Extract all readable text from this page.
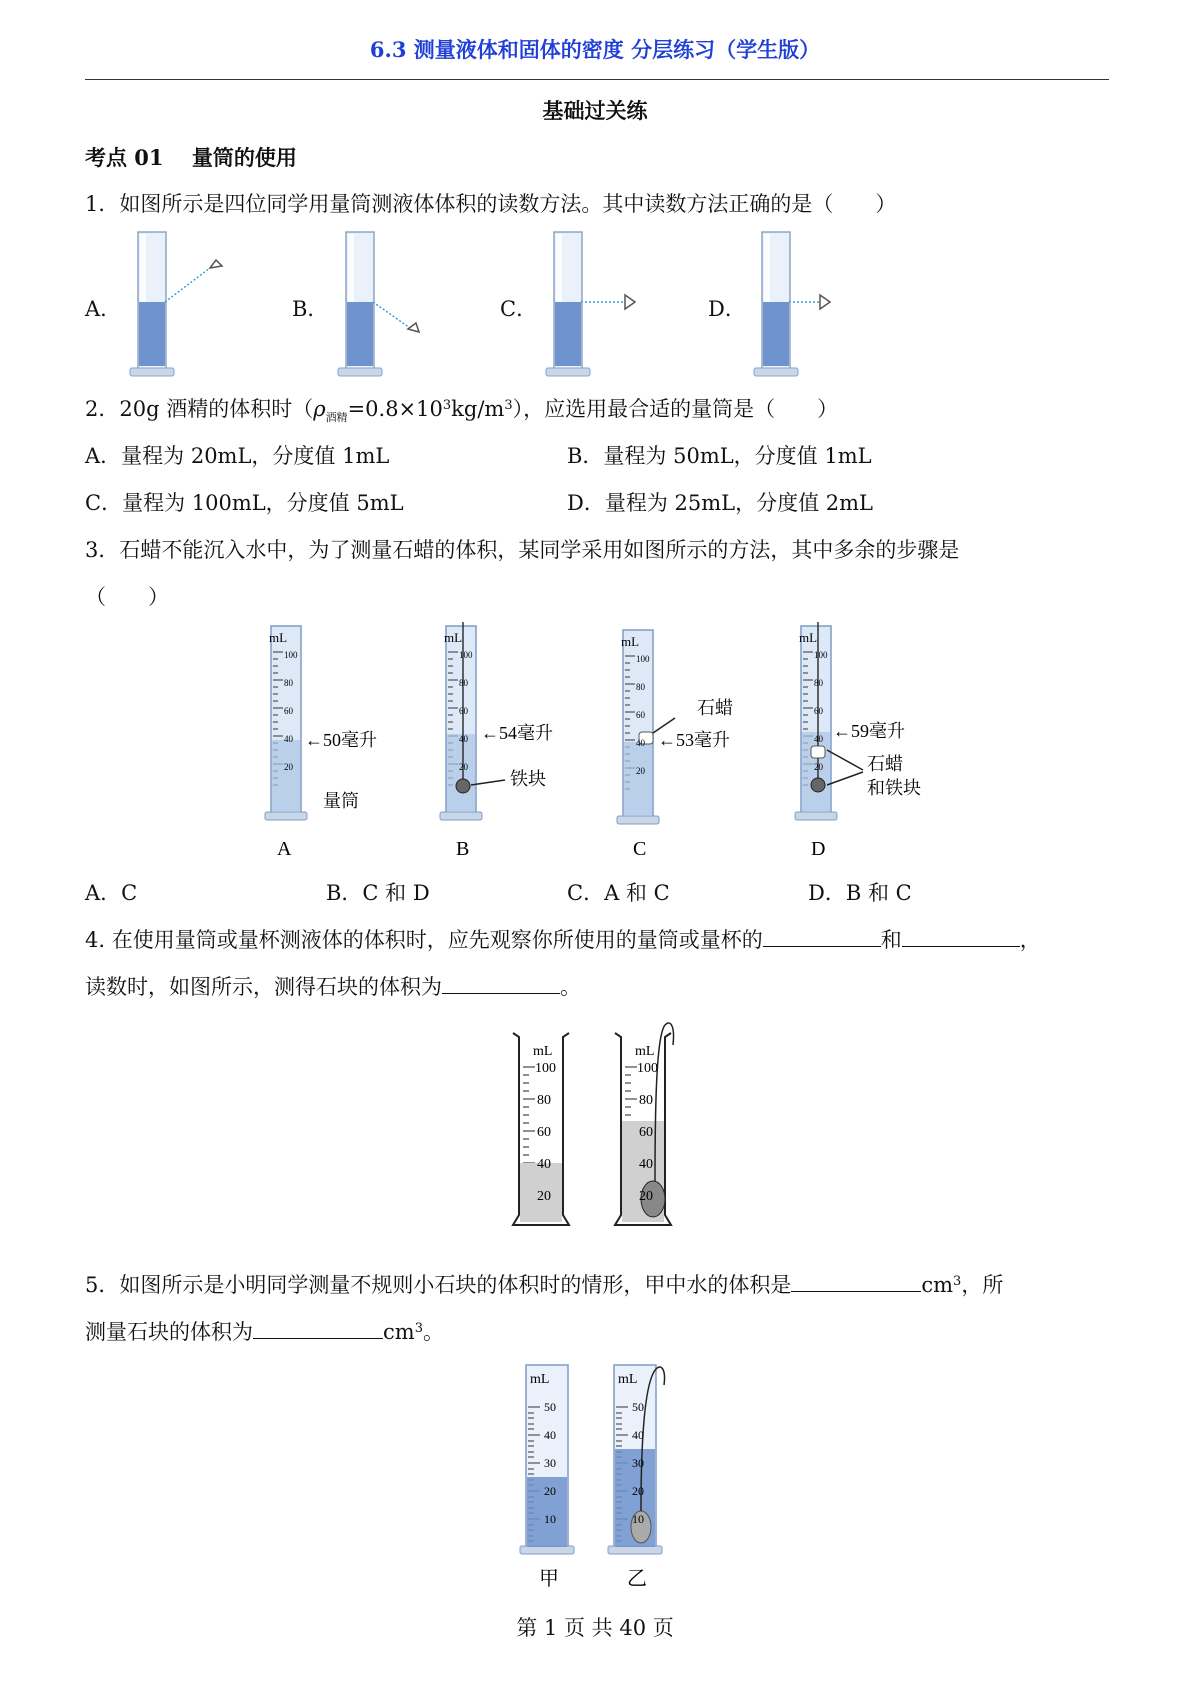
6.3 测量液体和固体的密度 分层练习（学生版）
基础过关练
考点 01　 量筒的使用
1．如图所示是四位同学用量筒测液体体积的读数方法。其中读数方法正确的是（　　）
A．	B．	C．	D．
2．20g 酒精的体积时$(\rho_{酒精}=0.8\times 10^3kg/m^3)$，应选用最合适的量筒是（　　）
A．量程为 20mL，分度值 1mL	B．量程为 50mL，分度值 1mL
C．量程为 100mL，分度值 5mL	D．量程为 25mL，分度值 2mL
3．石蜡不能沉入水中，为了测量石蜡的体积，某同学采用如图所示的方法，其中多余的步骤是
（　　）
mL
100
80
60
40
20
←50毫升
量筒
mL
100
80
60
40
20
←54毫升
铁块
mL
100
80
60
40
20
石蜡
←53毫升
mL
100
80
60
40
20
←59毫升
石蜡
和铁块
A	B	C	D
A．C	B．C 和 D	C．A 和 C	D．B 和 C
4. 在使用量筒或量杯测液体的体积时，应先观察你所使用的量筒或量杯的	和	，
读数时，如图所示，测得石块的体积为	。
mL
100
80
60
40
20
mL
100
80
60
40
20
5．如图所示是小明同学测量不规则小石块的体积时的情形，甲中水的体积是	$cm^3$，所
测量石块的体积为	$cm^3$。
mL
50
40
30
20
10
mL
50
40
30
20
10
甲	乙
第 1 页 共 40 页
